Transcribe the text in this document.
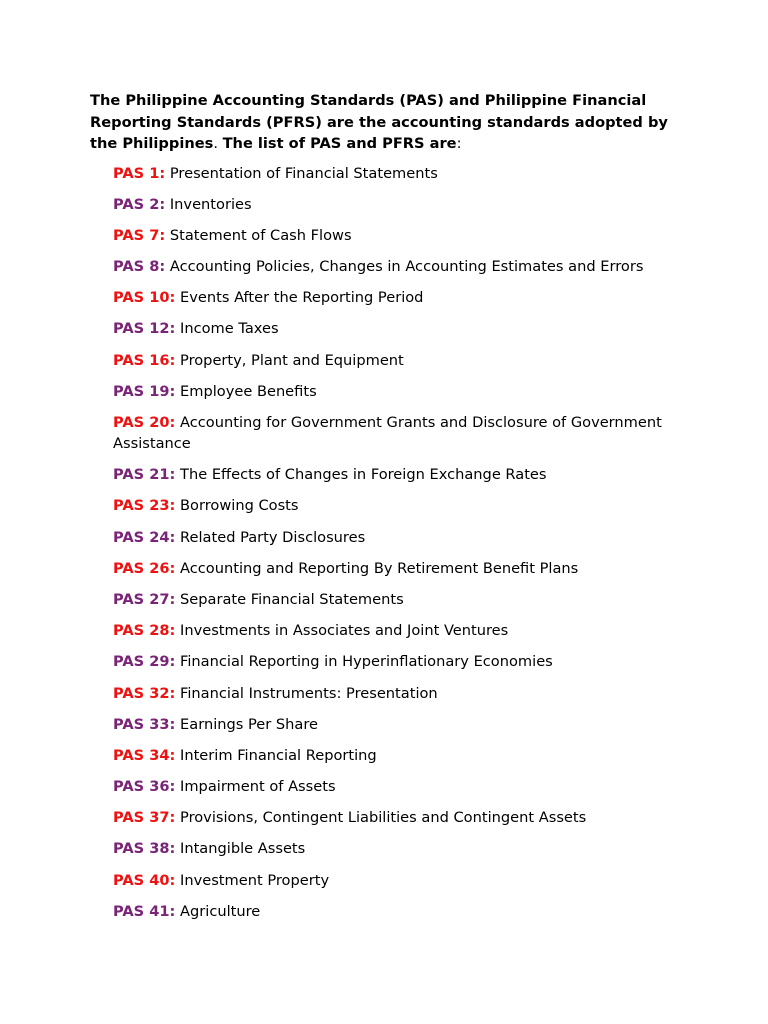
The Philippine Accounting Standards (PAS) and Philippine Financial Reporting Standards (PFRS) are the accounting standards adopted by the Philippines. The list of PAS and PFRS are:

PAS 1: Presentation of Financial Statements
PAS 2: Inventories
PAS 7: Statement of Cash Flows
PAS 8: Accounting Policies, Changes in Accounting Estimates and Errors
PAS 10: Events After the Reporting Period
PAS 12: Income Taxes
PAS 16: Property, Plant and Equipment
PAS 19: Employee Benefits
PAS 20: Accounting for Government Grants and Disclosure of Government Assistance
PAS 21: The Effects of Changes in Foreign Exchange Rates
PAS 23: Borrowing Costs
PAS 24: Related Party Disclosures
PAS 26: Accounting and Reporting By Retirement Benefit Plans
PAS 27: Separate Financial Statements
PAS 28: Investments in Associates and Joint Ventures
PAS 29: Financial Reporting in Hyperinflationary Economies
PAS 32: Financial Instruments: Presentation
PAS 33: Earnings Per Share
PAS 34: Interim Financial Reporting
PAS 36: Impairment of Assets
PAS 37: Provisions, Contingent Liabilities and Contingent Assets
PAS 38: Intangible Assets
PAS 40: Investment Property
PAS 41: Agriculture
